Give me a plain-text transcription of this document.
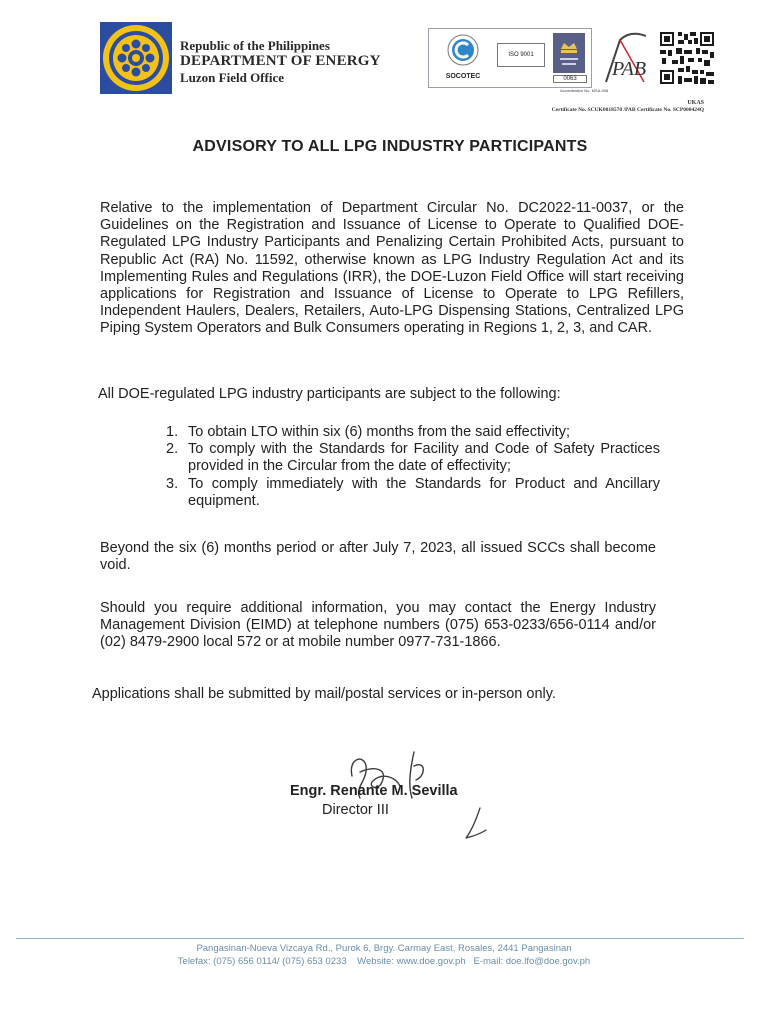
Republic of the Philippines
DEPARTMENT OF ENERGY
Luzon Field Office	SOCOTEC
ISO 9001
0063
Accreditation No. MSA-008
PAB
UKAS
Certificate No. SCUK0018570 /PAB Certificate No. SCP000424Q
ADVISORY TO ALL LPG INDUSTRY PARTICIPANTS
Relative to the implementation of Department Circular No. DC2022-11-0037, or the Guidelines on the Registration and Issuance of License to Operate to Qualified DOE-Regulated LPG Industry Participants and Penalizing Certain Prohibited Acts, pursuant to Republic Act (RA) No. 11592, otherwise known as LPG Industry Regulation Act and its Implementing Rules and Regulations (IRR), the DOE-Luzon Field Office will start receiving applications for Registration and Issuance of License to Operate to LPG Refillers, Independent Haulers, Dealers, Retailers, Auto-LPG Dispensing Stations, Centralized LPG Piping System Operators and Bulk Consumers operating in Regions 1, 2, 3, and CAR.
All DOE-regulated LPG industry participants are subject to the following:
1. To obtain LTO within six (6) months from the said effectivity;
2. To comply with the Standards for Facility and Code of Safety Practices provided in the Circular from the date of effectivity;
3. To comply immediately with the Standards for Product and Ancillary equipment.
Beyond the six (6) months period or after July 7, 2023, all issued SCCs shall become void.
Should you require additional information, you may contact the Energy Industry Management Division (EIMD) at telephone numbers (075) 653-0233/656-0114 and/or (02) 8479-2900 local 572 or at mobile number 0977-731-1866.
Applications shall be submitted by mail/postal services or in-person only.
Engr. Renante M. Sevilla
Director III
Pangasinan-Nueva Vizcaya Rd., Purok 6, Brgy. Carmay East, Rosales, 2441 Pangasinan
Telefax: (075) 656 0114/ (075) 653 0233    Website: www.doe.gov.ph   E-mail: doe.lfo@doe.gov.ph
